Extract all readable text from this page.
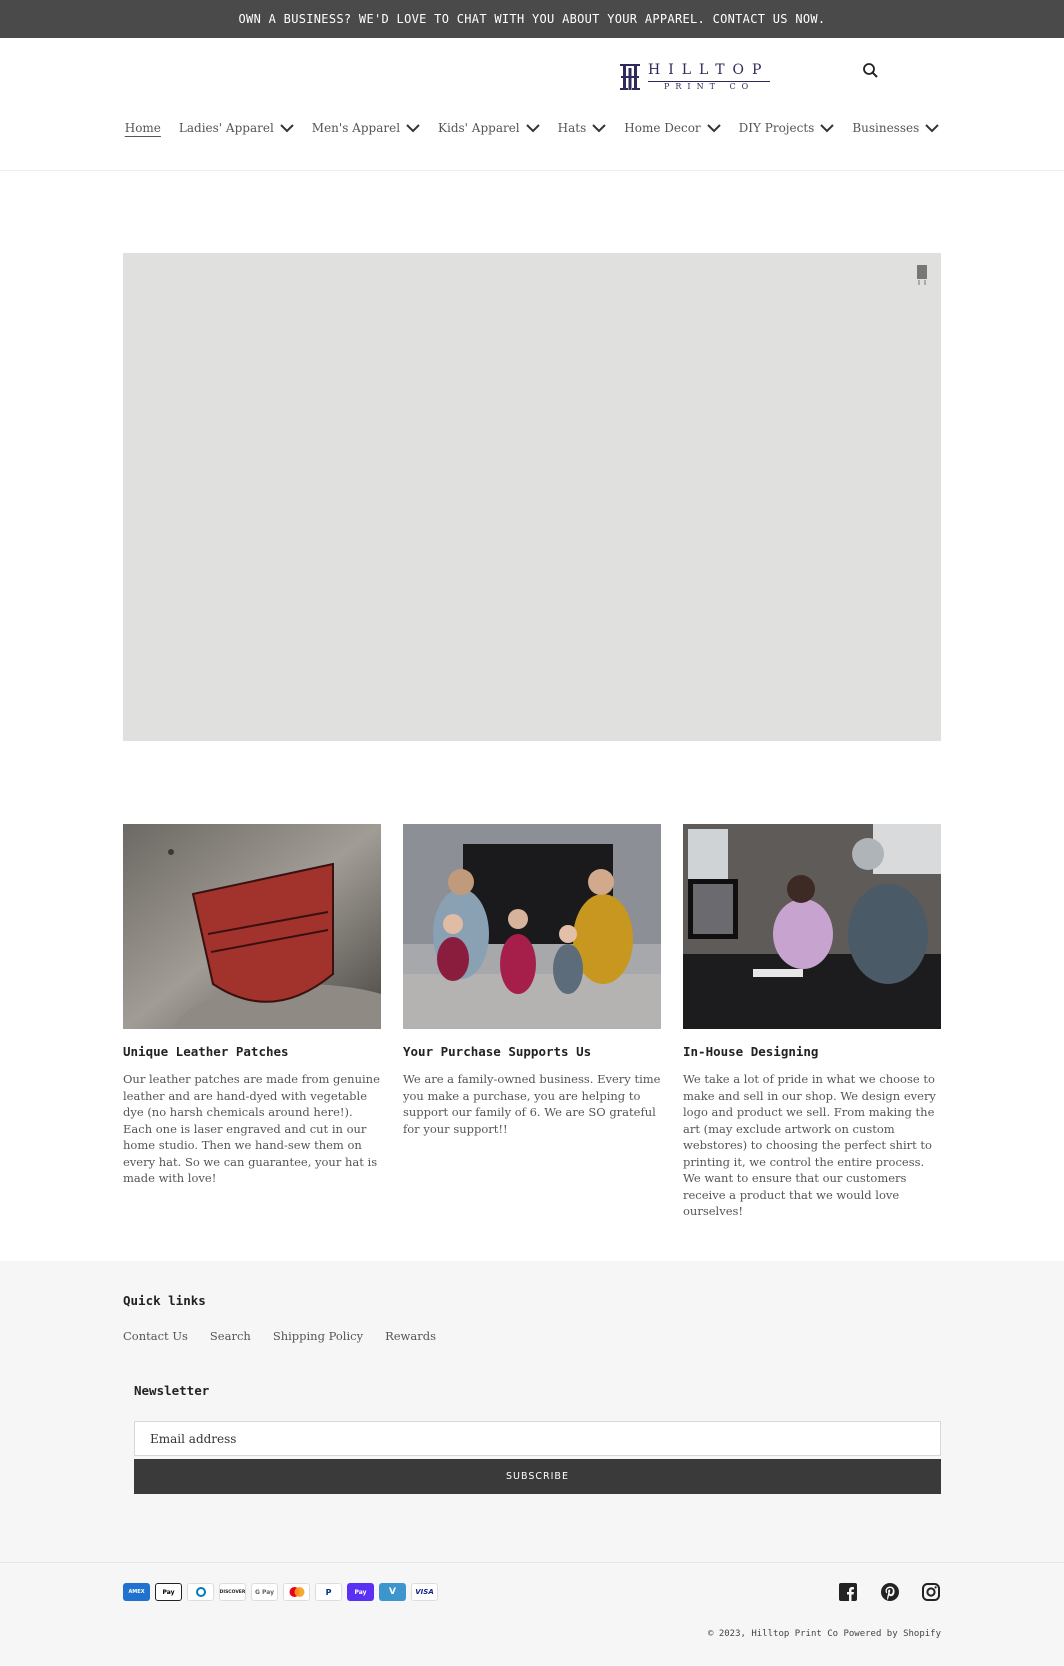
OWN A BUSINESS? WE'D LOVE TO CHAT WITH YOU ABOUT YOUR APPAREL. CONTACT US NOW.
HILLTOP
PRINT CO
Home Ladies' Apparel	Men's Apparel	Kids' Apparel	Hats	Home Decor	DIY Projects	Businesses
Unique Leather Patches
Our leather patches are made from genuine leather and are hand-dyed with vegetable dye (no harsh chemicals around here!). Each one is laser engraved and cut in our home studio. Then we hand-sew them on every hat. So we can guarantee, your hat is made with love!
Your Purchase Supports Us
We are a family-owned business. Every time you make a purchase, you are helping to support our family of 6. We are SO grateful for your support!!
In-House Designing
We take a lot of pride in what we choose to make and sell in our shop. We design every logo and product we sell. From making the art (may exclude artwork on custom webstores) to choosing the perfect shirt to printing it, we control the entire process. We want to ensure that our customers receive a product that we would love ourselves!
Quick links
Contact Us Search Shipping Policy Rewards
Newsletter
Email address
SUBSCRIBE
AMEX	Pay	DISCOVER	G Pay	P	Pay	V	VISA
© 2023, Hilltop Print Co Powered by Shopify
